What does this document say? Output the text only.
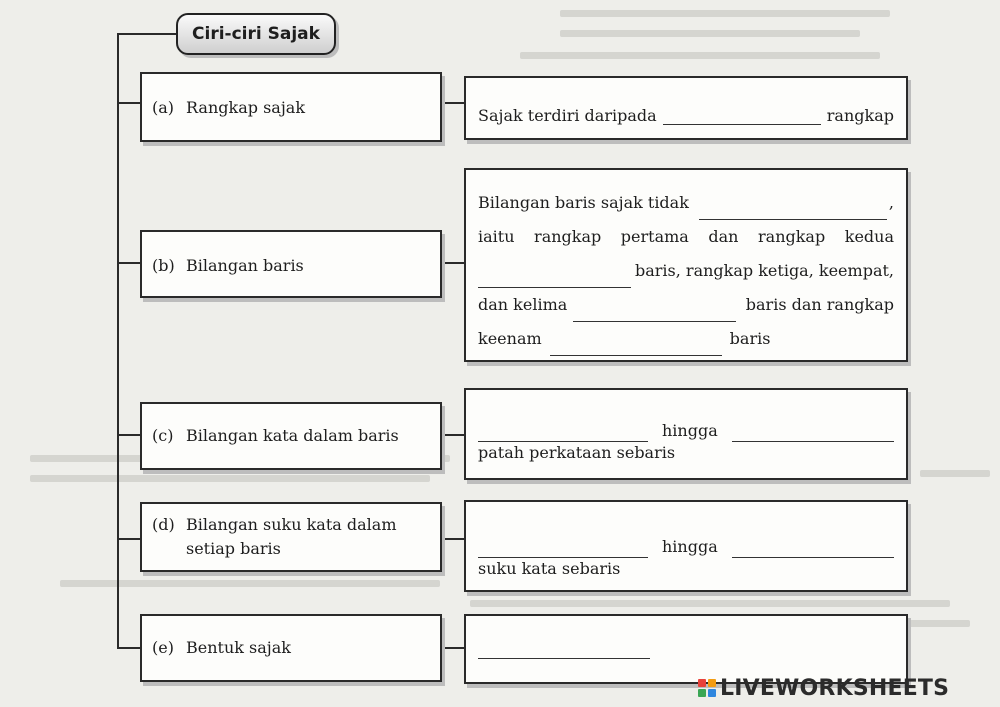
Ciri-ciri Sajak
(a) Rangkap sajak
(b) Bilangan baris
(c) Bilangan kata dalam baris
(d) Bilangan suku kata dalam
setiap baris
(e) Bentuk sajak
Sajak terdiri daripada	rangkap
Bilangan baris sajak tidak	,
iaitu rangkap pertama dan rangkap kedua
baris, rangkap ketiga, keempat,
dan kelima	baris dan rangkap
keenam	baris
hingga
patah perkataan sebaris
hingga
suku kata sebaris
LIVEWORKSHEETS
